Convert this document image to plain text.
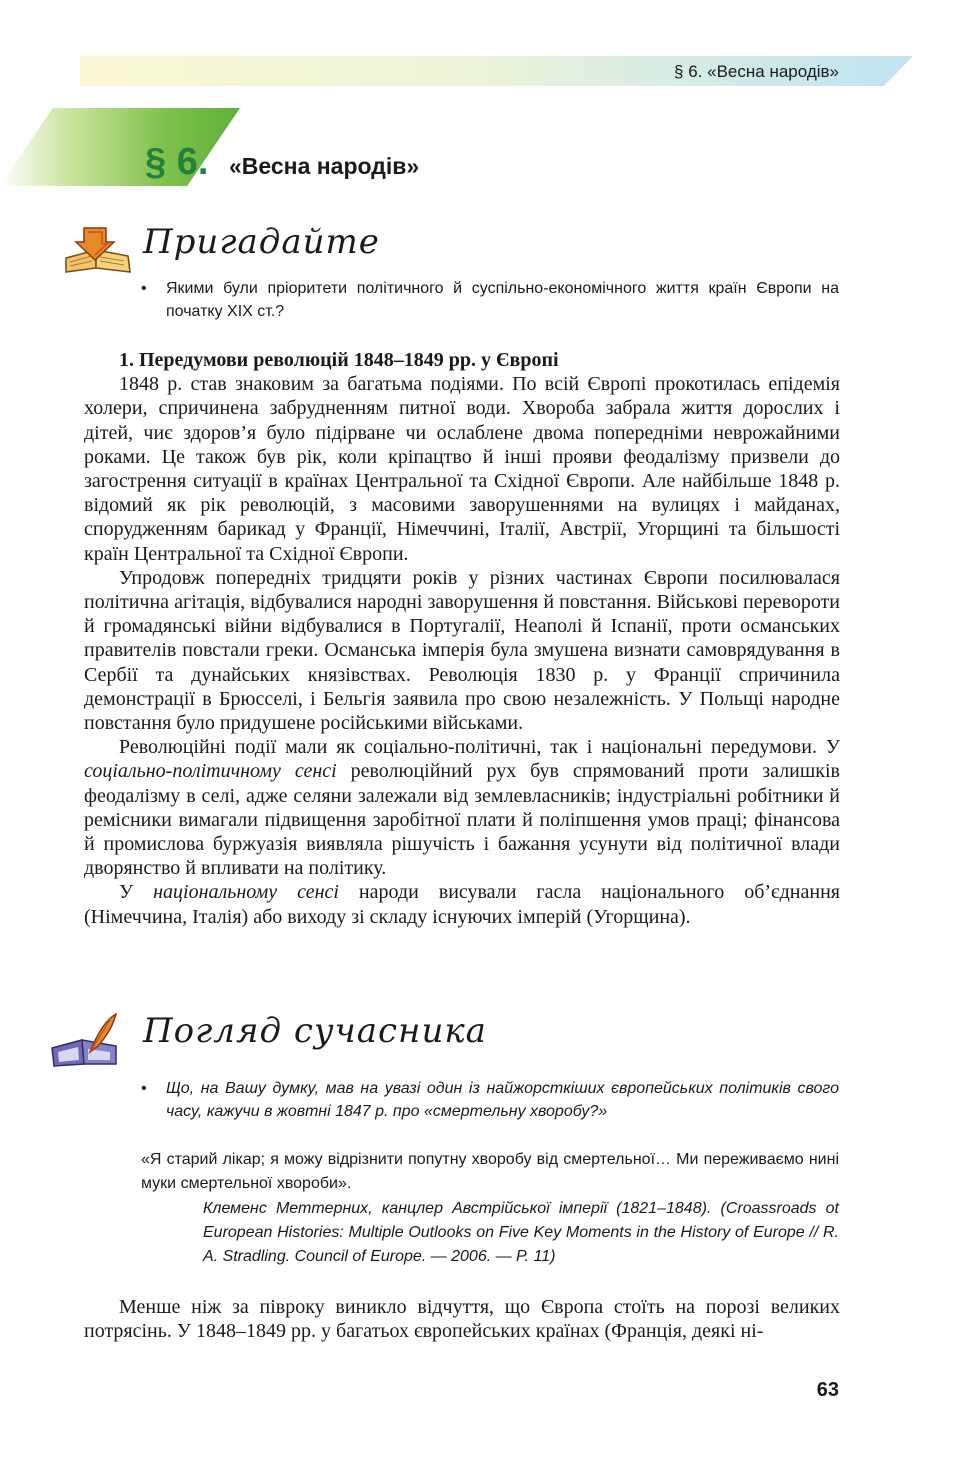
§ 6. «Весна народів»
§ 6. «Весна народів»
Пригадайте
•	Якими були пріоритети політичного й суспільно-економічного життя країн Європи на початку XIX ст.?
1. Передумови революцій 1848–1849 рр. у Європі

1848 р. став знаковим за багатьма подіями. По всій Європі прокотилась епідемія холери, спричинена забрудненням питної води. Хвороба забрала життя дорослих і дітей, чиє здоров’я було підірване чи ослаблене двома попередніми неврожайними роками. Це також був рік, коли кріпацтво й інші прояви феодалізму призвели до загострення ситуації в країнах Центральної та Східної Європи. Але найбільше 1848 р. відомий як рік революцій, з масовими заворушеннями на вулицях і майданах, спорудженням барикад у Франції, Німеччині, Італії, Австрії, Угорщині та більшості країн Центральної та Східної Європи.

Упродовж попередніх тридцяти років у різних частинах Європи посилювалася політична агітація, відбувалися народні заворушення й повстання. Військові перевороти й громадянські війни відбувалися в Португалії, Неаполі й Іспанії, проти османських правителів повстали греки. Османська імперія була змушена визнати самоврядування в Сербії та дунайських князівствах. Революція 1830 р. у Франції спричинила демонстрації в Брюсселі, і Бельгія заявила про свою незалежність. У Польщі народне повстання було придушене російськими військами.

Революційні події мали як соціально-політичні, так і національні передумови. У соціально-політичному сенсі революційний рух був спрямований проти залишків феодалізму в селі, адже селяни залежали від землевласників; індустріальні робітники й ремісники вимагали підвищення заробітної плати й поліпшення умов праці; фінансова й промислова буржуазія виявляла рішучість і бажання усунути від політичної влади дворянство й впливати на політику.

У національному сенсі народи висували гасла національного об’єднання (Німеччина, Італія) або виходу зі складу існуючих імперій (Угорщина).

Погляд сучасника
•	Що, на Вашу думку, мав на увазі один із найжорсткіших європейських політиків свого часу, кажучи в жовтні 1847 р. про «смертельну хворобу?»
«Я старий лікар; я можу відрізнити попутну хворобу від смертельної… Ми переживаємо нині муки смертельної хвороби».
Клеменс Меттерних, канцлер Австрійської імперії (1821–1848). (Croassroads ot European Histories: Multiple Outlooks on Five Key Moments in the History of Europe // R. A. Stradling. Council of Europe. — 2006. — P. 11)

Менше ніж за півроку виникло відчуття, що Європа стоїть на порозі великих потрясінь. У 1848–1849 рр. у багатьох європейських країнах (Франція, деякі ні-

63
